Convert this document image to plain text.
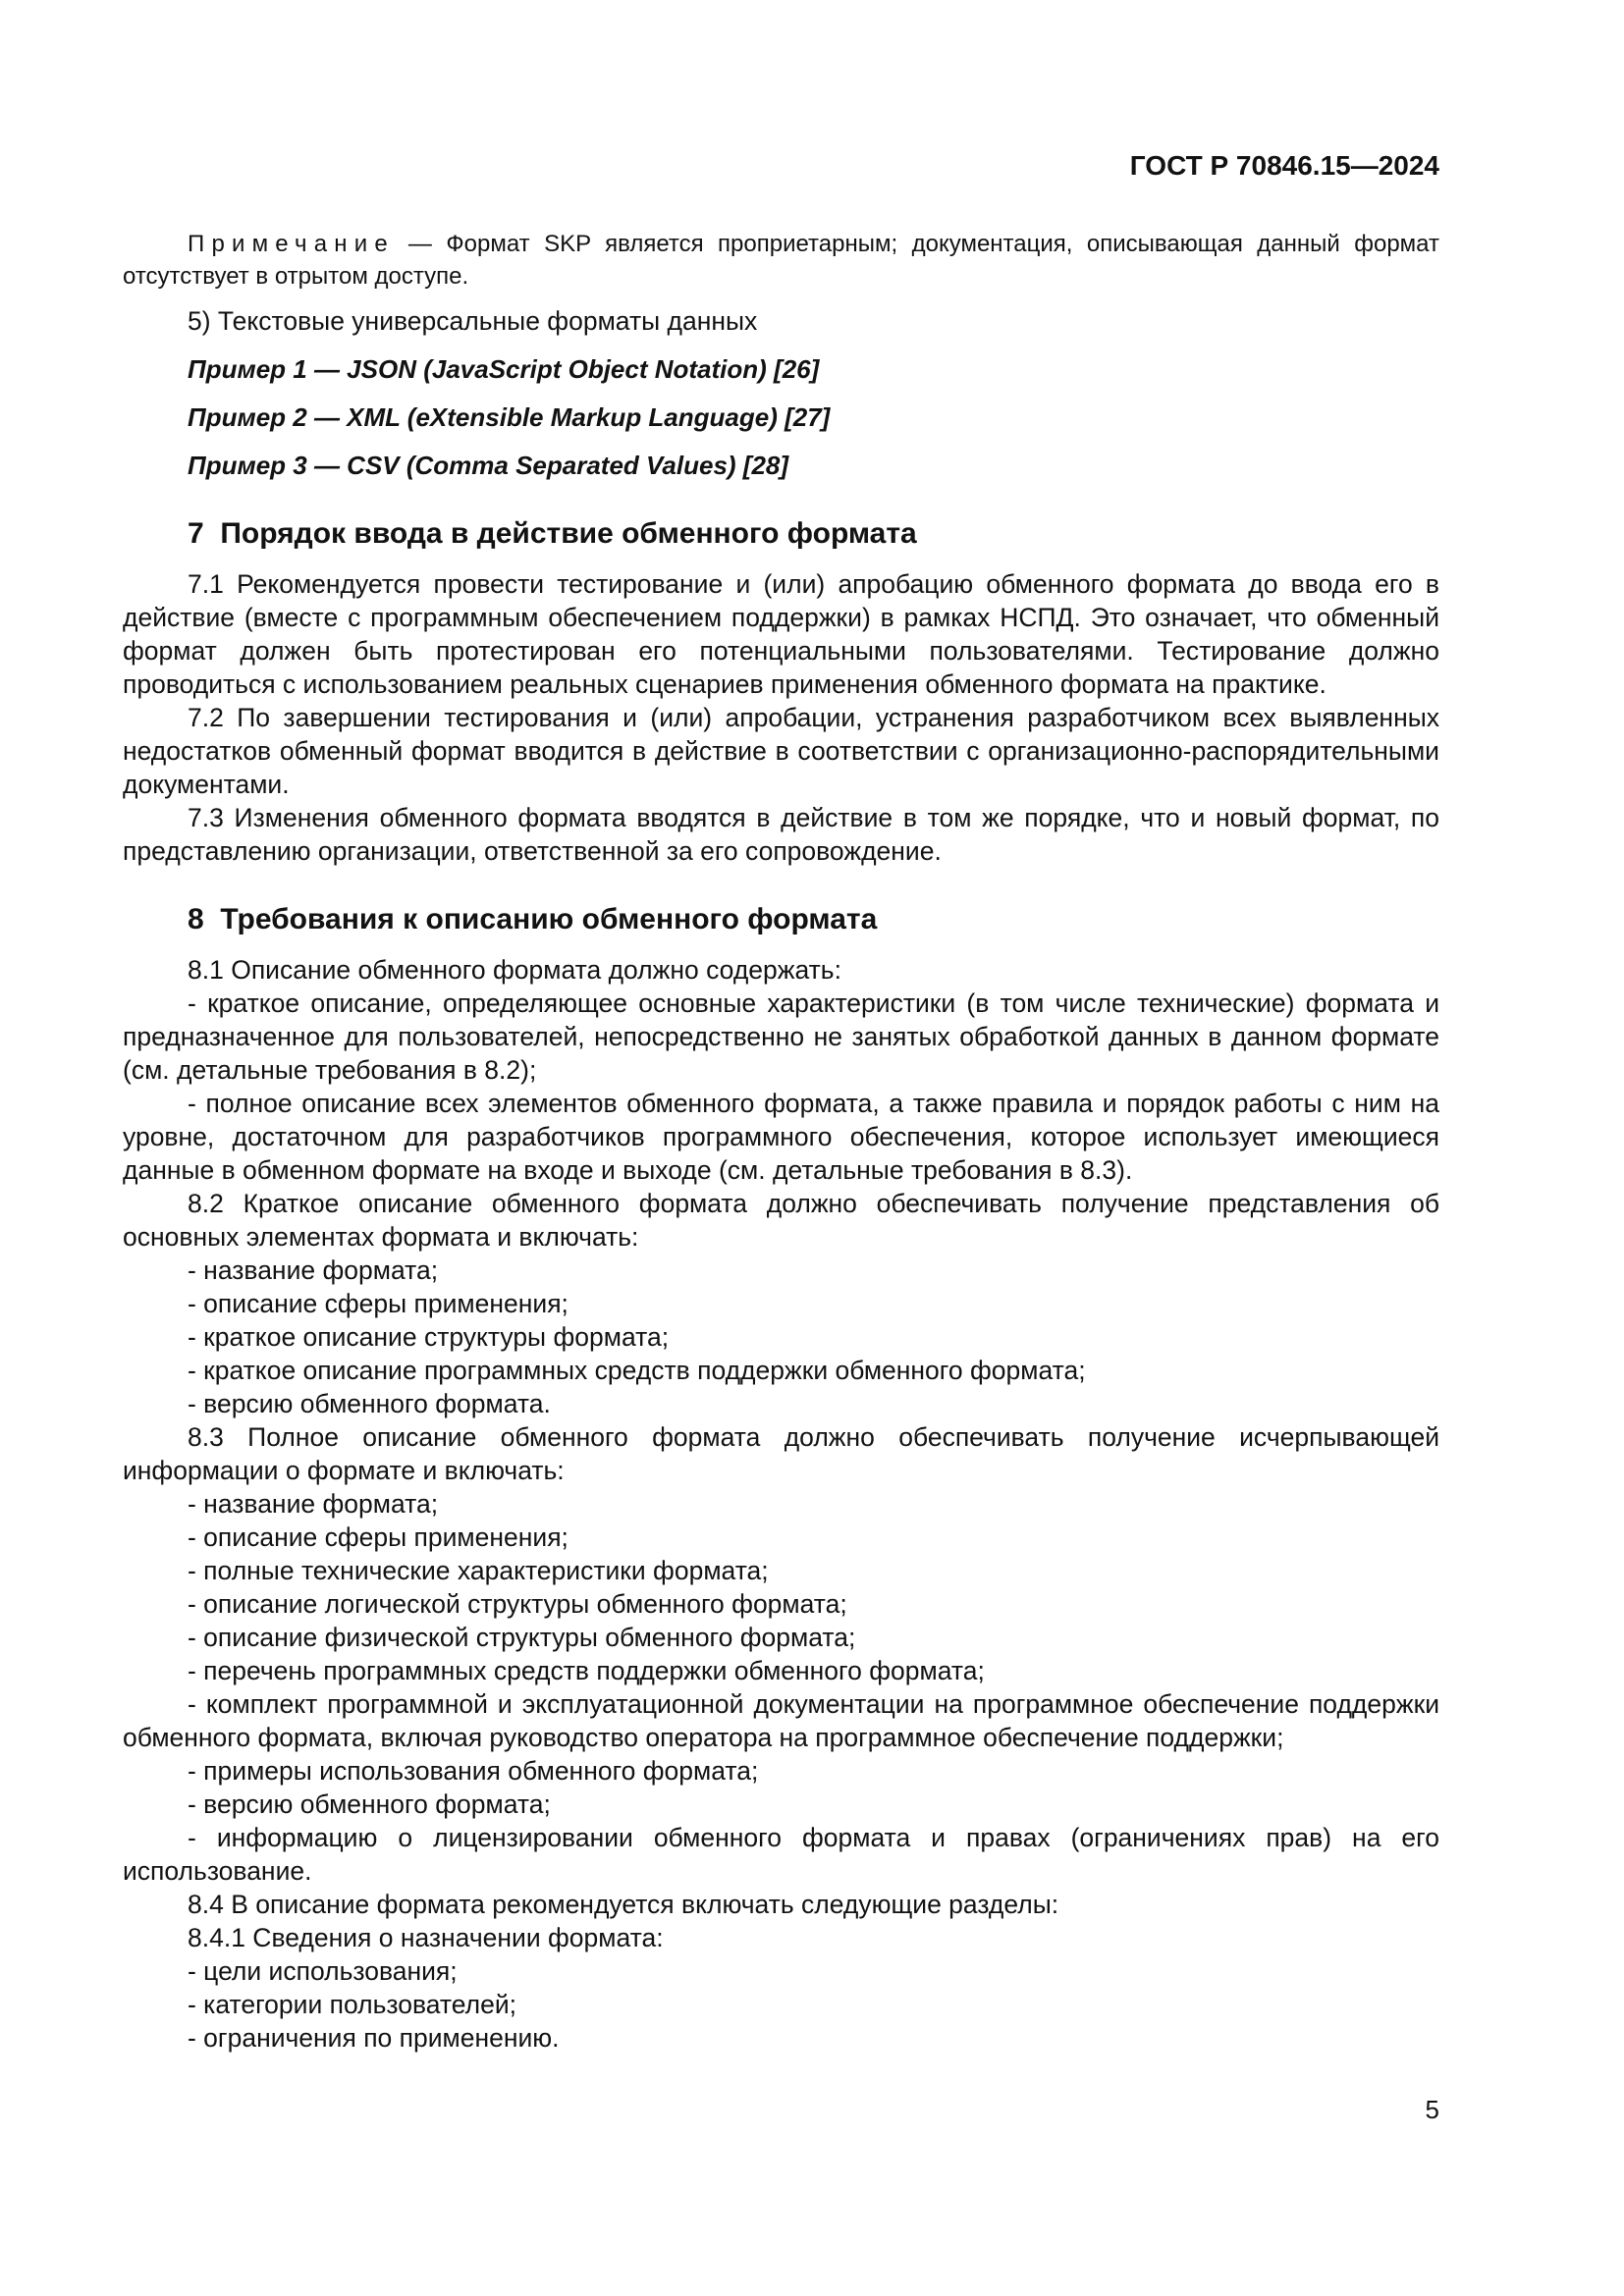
ГОСТ Р 70846.15—2024

Примечание — Формат SKP является проприетарным; документация, описывающая данный формат отсутствует в отрытом доступе.

5) Текстовые универсальные форматы данных

Пример 1 — JSON (JavaScript Object Notation) [26]

Пример 2 — XML (eXtensible Markup Language) [27]

Пример 3 — CSV (Comma Separated Values) [28]

7  Порядок ввода в действие обменного формата

7.1 Рекомендуется провести тестирование и (или) апробацию обменного формата до ввода его в действие (вместе с программным обеспечением поддержки) в рамках НСПД. Это означает, что обменный формат должен быть протестирован его потенциальными пользователями. Тестирование должно проводиться с использованием реальных сценариев применения обменного формата на практике.

7.2 По завершении тестирования и (или) апробации, устранения разработчиком всех выявленных недостатков обменный формат вводится в действие в соответствии с организационно-распорядительными документами.

7.3 Изменения обменного формата вводятся в действие в том же порядке, что и новый формат, по представлению организации, ответственной за его сопровождение.

8  Требования к описанию обменного формата

8.1 Описание обменного формата должно содержать:

- краткое описание, определяющее основные характеристики (в том числе технические) формата и предназначенное для пользователей, непосредственно не занятых обработкой данных в данном формате (см. детальные требования в 8.2);

- полное описание всех элементов обменного формата, а также правила и порядок работы с ним на уровне, достаточном для разработчиков программного обеспечения, которое использует имеющиеся данные в обменном формате на входе и выходе (см. детальные требования в 8.3).

8.2 Краткое описание обменного формата должно обеспечивать получение представления об основных элементах формата и включать:

- название формата;

- описание сферы применения;

- краткое описание структуры формата;

- краткое описание программных средств поддержки обменного формата;

- версию обменного формата.

8.3 Полное описание обменного формата должно обеспечивать получение исчерпывающей информации о формате и включать:

- название формата;

- описание сферы применения;

- полные технические характеристики формата;

- описание логической структуры обменного формата;

- описание физической структуры обменного формата;

- перечень программных средств поддержки обменного формата;

- комплект программной и эксплуатационной документации на программное обеспечение поддержки обменного формата, включая руководство оператора на программное обеспечение поддержки;

- примеры использования обменного формата;

- версию обменного формата;

- информацию о лицензировании обменного формата и правах (ограничениях прав) на его использование.

8.4 В описание формата рекомендуется включать следующие разделы:

8.4.1 Сведения о назначении формата:

- цели использования;

- категории пользователей;

- ограничения по применению.

5
